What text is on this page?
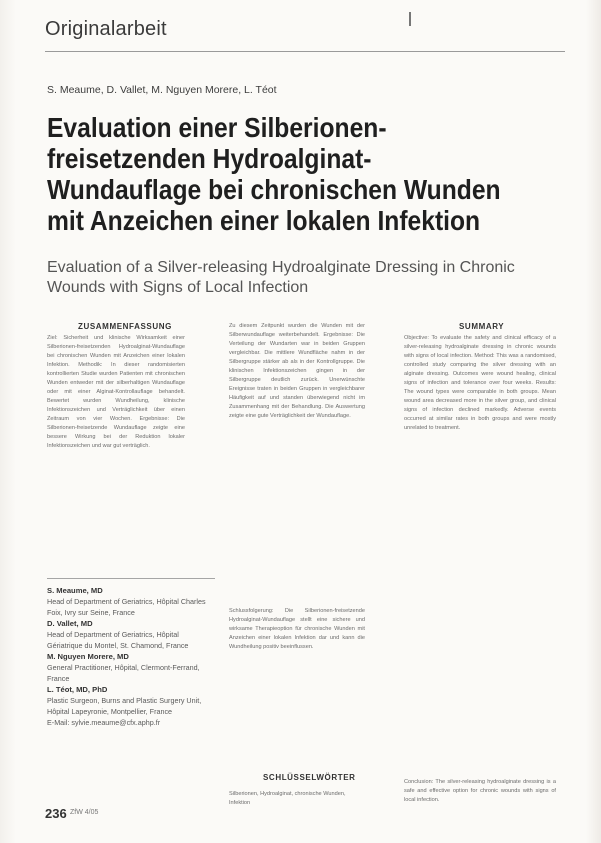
Originalarbeit
S. Meaume, D. Vallet, M. Nguyen Morere, L. Téot
Evaluation einer Silberionen-freisetzenden Hydroalginat-Wundauflage bei chronischen Wunden mit Anzeichen einer lokalen Infektion
Evaluation of a Silver-releasing Hydroalginate Dressing in Chronic Wounds with Signs of Local Infection
ZUSAMMENFASSUNG
Ziel: Sicherheit und klinische Wirksamkeit einer Silberionen-freisetzenden Hydroalginat-Wundauflage bei chronischen Wunden mit Anzeichen einer lokalen Infektion. Methodik: In dieser randomisierten kontrollierten Studie wurden Patienten mit chronischen Wunden entweder mit der silberhaltigen Wundauflage oder mit einer Alginat-Kontrollauflage behandelt. Bewertet wurden Wundheilung, klinische Infektionszeichen und Verträglichkeit über einen Zeitraum von vier Wochen. Ergebnisse: Die Silberionen-freisetzende Wundauflage zeigte eine bessere Wirkung bei der Reduktion lokaler Infektionszeichen und war gut verträglich.
Zu diesem Zeitpunkt wurden die Wunden mit der Silberwundauflage weiterbehandelt. Ergebnisse: Die Verteilung der Wundarten war in beiden Gruppen vergleichbar. Die mittlere Wundfläche nahm in der Silbergruppe stärker ab als in der Kontrollgruppe. Die klinischen Infektionszeichen gingen in der Silbergruppe deutlich zurück. Unerwünschte Ereignisse traten in beiden Gruppen in vergleichbarer Häufigkeit auf und standen überwiegend nicht im Zusammenhang mit der Behandlung. Die Auswertung zeigte eine gute Verträglichkeit der Wundauflage.
Schlussfolgerung: Die Silberionen-freisetzende Hydroalginat-Wundauflage stellt eine sichere und wirksame Therapieoption für chronische Wunden mit Anzeichen einer lokalen Infektion dar und kann die Wundheilung positiv beeinflussen.
SUMMARY
Objective: To evaluate the safety and clinical efficacy of a silver-releasing hydroalginate dressing in chronic wounds with signs of local infection. Method: This was a randomised, controlled study comparing the silver dressing with an alginate dressing. Outcomes were wound healing, clinical signs of infection and tolerance over four weeks. Results: The wound types were comparable in both groups. Mean wound area decreased more in the silver group, and clinical signs of infection declined markedly. Adverse events occurred at similar rates in both groups and were mostly unrelated to treatment.
Conclusion: The silver-releasing hydroalginate dressing is a safe and effective option for chronic wounds with signs of local infection.
S. Meaume, MD
Head of Department of Geriatrics, Hôpital Charles Foix, Ivry sur Seine, France
D. Vallet, MD
Head of Department of Geriatrics, Hôpital Gériatrique du Montel, St. Chamond, France
M. Nguyen Morere, MD
General Practitioner, Hôpital, Clermont-Ferrand, France
L. Téot, MD, PhD
Plastic Surgeon, Burns and Plastic Surgery Unit, Hôpital Lapeyronie, Montpellier, France
E-Mail: sylvie.meaume@cfx.aphp.fr
SCHLÜSSELWÖRTER
Silberionen, Hydroalginat, chronische Wunden, Infektion
236 ZfW 4/05
